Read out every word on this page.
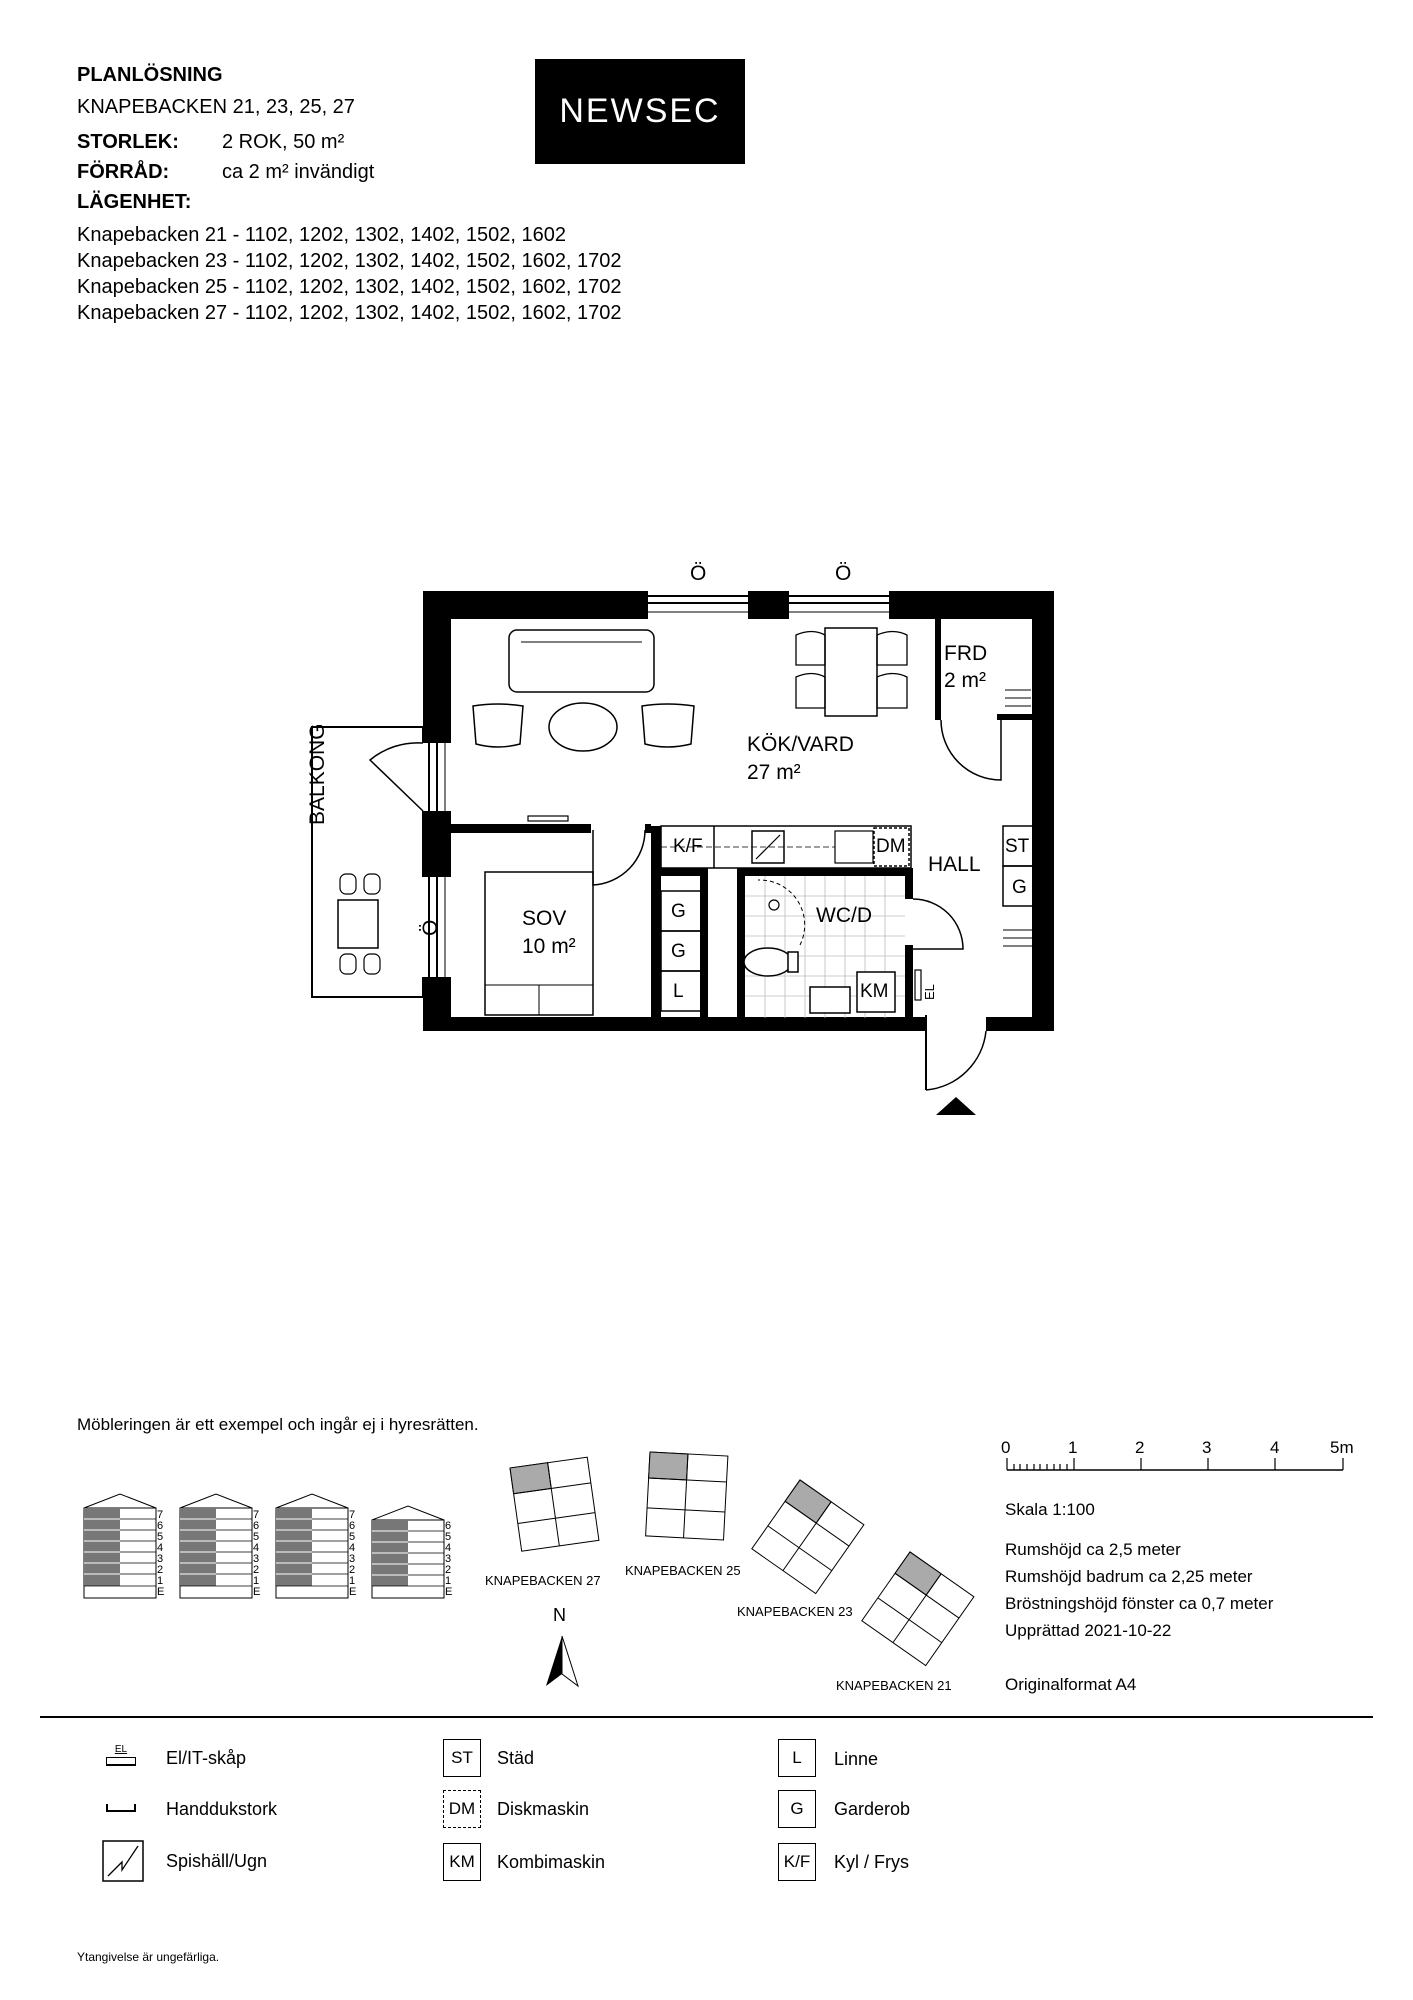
PLANLÖSNING
KNAPEBACKEN 21, 23, 25, 27
STORLEK: 2 ROK, 50 m²
FÖRRÅD:	ca 2 m² invändigt
LÄGENHET:
Knapebacken 21 - 1102, 1202, 1302, 1402, 1502, 1602
Knapebacken 23 - 1102, 1202, 1302, 1402, 1502, 1602, 1702
Knapebacken 25 - 1102, 1202, 1302, 1402, 1502, 1602, 1702
Knapebacken 27 - 1102, 1202, 1302, 1402, 1502, 1602, 1702
NEWSEC
Ö	Ö
KÖK/VARD
27 m²
FRD
2 m²
SOV
10 m²
WC/D
HALL
BALKONG
Ö
K/F	DM	ST
G
G
G
L	KM	EL
Möbleringen är ett exempel och ingår ej i hyresrätten.
0	1	2	3	4	5m
Skala 1:100
Rumshöjd ca 2,5 meter
Rumshöjd badrum ca 2,25 meter
Bröstningshöjd fönster ca 0,7 meter
Upprättad 2021-10-22
Originalformat A4
7
6
5
4
3
2
1
E
7
6
5
4
3
2
1
E
7
6
5
4
3
2
1
E
6
5
4
3
2
1
E
KNAPEBACKEN 27
KNAPEBACKEN 25
KNAPEBACKEN 23
KNAPEBACKEN 21
N
EL	El/IT-skåp
Handdukstork
Spishäll/Ugn
ST	Städ
DM	Diskmaskin
KM	Kombimaskin
L	Linne
G	Garderob
K/F	Kyl / Frys
Ytangivelse är ungefärliga.
